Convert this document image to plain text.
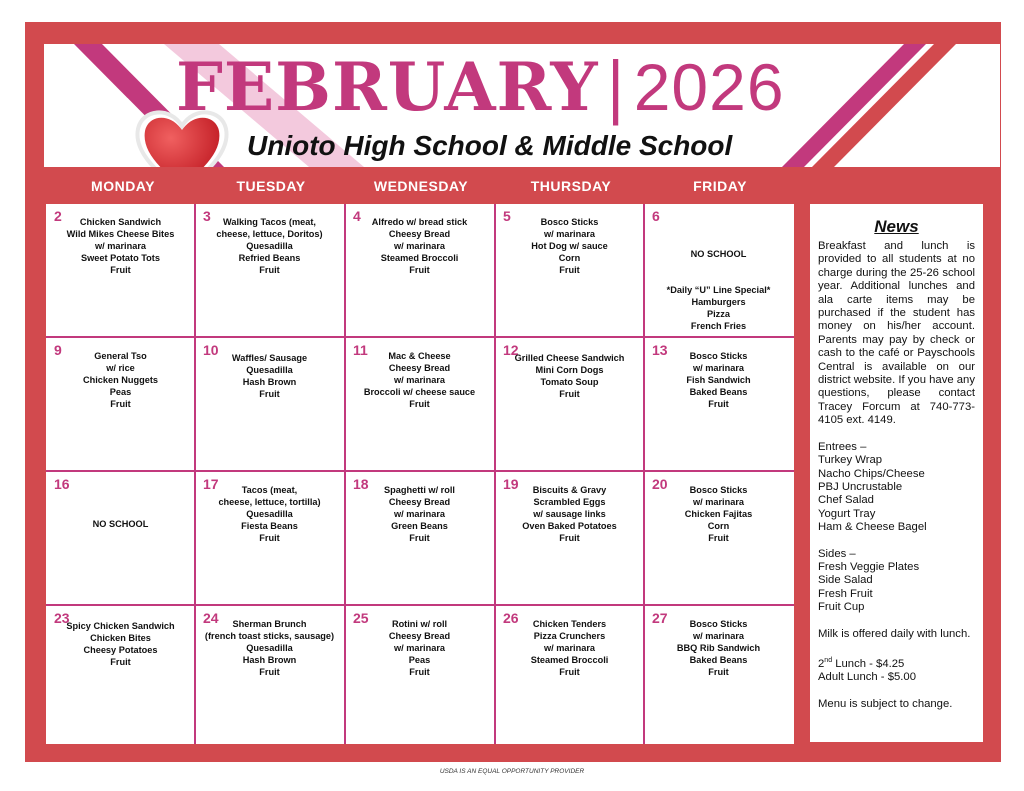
FEBRUARY|2026
Unioto High School & Middle School
MONDAY	TUESDAY	WEDNESDAY	THURSDAY	FRIDAY
2	Chicken Sandwich
Wild Mikes Cheese Bites
w/ marinara
Sweet Potato Tots
Fruit
3	Walking Tacos (meat,
cheese, lettuce, Doritos)
Quesadilla
Refried Beans
Fruit
4	Alfredo w/ bread stick
Cheesy Bread
w/ marinara
Steamed Broccoli
Fruit
5	Bosco Sticks
w/ marinara
Hot Dog w/ sauce
Corn
Fruit
6
NO SCHOOL
*Daily “U” Line Special*
Hamburgers
Pizza
French Fries
9	General Tso
w/ rice
Chicken Nuggets
Peas
Fruit
10	Waffles/ Sausage
Quesadilla
Hash Brown
Fruit
11	Mac & Cheese
Cheesy Bread
w/ marinara
Broccoli w/ cheese sauce
Fruit
12
Grilled Cheese Sandwich
Mini Corn Dogs
Tomato Soup
Fruit
13	Bosco Sticks
w/ marinara
Fish Sandwich
Baked Beans
Fruit
16
NO SCHOOL
17	Tacos (meat,
cheese, lettuce, tortilla)
Quesadilla
Fiesta Beans
Fruit
18	Spaghetti w/ roll
Cheesy Bread
w/ marinara
Green Beans
Fruit
19	Biscuits & Gravy
Scrambled Eggs
w/ sausage links
Oven Baked Potatoes
Fruit
20	Bosco Sticks
w/ marinara
Chicken Fajitas
Corn
Fruit
23
Spicy Chicken Sandwich
Chicken Bites
Cheesy Potatoes
Fruit
24	Sherman Brunch
(french toast sticks, sausage)
Quesadilla
Hash Brown
Fruit
25	Rotini w/ roll
Cheesy Bread
w/ marinara
Peas
Fruit
26	Chicken Tenders
Pizza Crunchers
w/ marinara
Steamed Broccoli
Fruit
27	Bosco Sticks
w/ marinara
BBQ Rib Sandwich
Baked Beans
Fruit
News

Breakfast and lunch is provided to all students at no charge during the 25-26 school year. Additional lunches and ala carte items may be purchased if the student has money on his/her account. Parents may pay by check or cash to the café or Payschools Central is available on our district website. If you have any questions, please contact Tracey Forcum at 740-773-4105 ext. 4149.

Entrees –
Turkey Wrap
Nacho Chips/Cheese
PBJ Uncrustable
Chef Salad
Yogurt Tray
Ham & Cheese Bagel
Sides –
Fresh Veggie Plates
Side Salad
Fresh Fruit
Fruit Cup
Milk is offered daily with lunch.
2nd Lunch - $4.25
Adult Lunch - $5.00
Menu is subject to change.
USDA IS AN EQUAL OPPORTUNITY PROVIDER
